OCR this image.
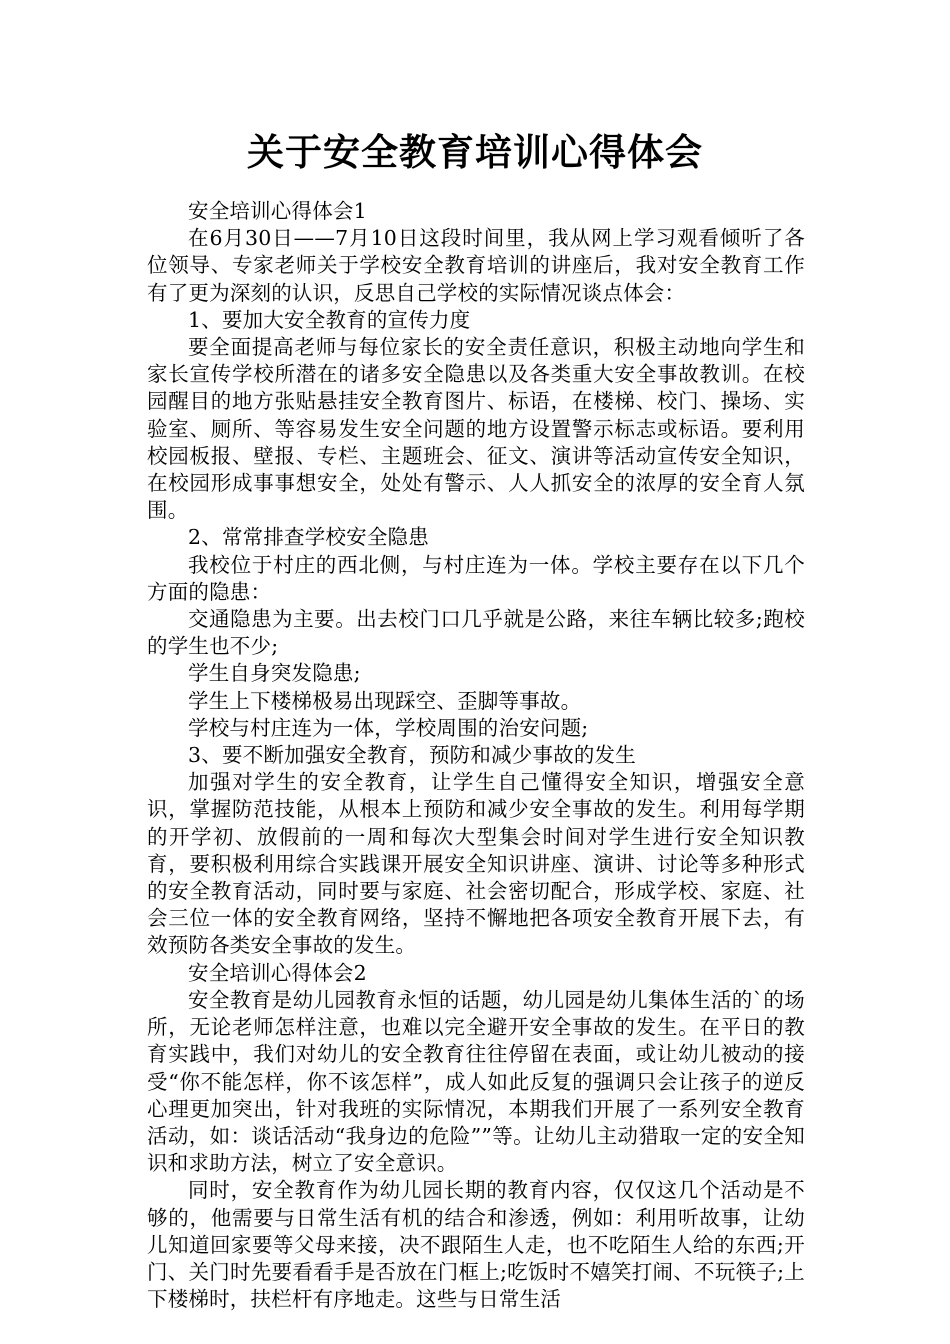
关于安全教育培训心得体会

安全培训心得体会1

在6月30日——7月10日这段时间里，我从网上学习观看倾听了各位领导、专家老师关于学校安全教育培训的讲座后，我对安全教育工作有了更为深刻的认识，反思自己学校的实际情况谈点体会：

1、要加大安全教育的宣传力度

要全面提高老师与每位家长的安全责任意识，积极主动地向学生和家长宣传学校所潜在的诸多安全隐患以及各类重大安全事故教训。在校园醒目的地方张贴悬挂安全教育图片、标语，在楼梯、校门、操场、实验室、厕所、等容易发生安全问题的地方设置警示标志或标语。要利用校园板报、壁报、专栏、主题班会、征文、演讲等活动宣传安全知识，在校园形成事事想安全，处处有警示、人人抓安全的浓厚的安全育人氛围。

2、常常排查学校安全隐患

我校位于村庄的西北侧，与村庄连为一体。学校主要存在以下几个方面的隐患：

交通隐患为主要。出去校门口几乎就是公路，来往车辆比较多;跑校的学生也不少;

学生自身突发隐患;

学生上下楼梯极易出现踩空、歪脚等事故。

学校与村庄连为一体，学校周围的治安问题;

3、要不断加强安全教育，预防和减少事故的发生

加强对学生的安全教育，让学生自己懂得安全知识，增强安全意识，掌握防范技能，从根本上预防和减少安全事故的发生。利用每学期的开学初、放假前的一周和每次大型集会时间对学生进行安全知识教育，要积极利用综合实践课开展安全知识讲座、演讲、讨论等多种形式的安全教育活动，同时要与家庭、社会密切配合，形成学校、家庭、社会三位一体的安全教育网络，坚持不懈地把各项安全教育开展下去，有效预防各类安全事故的发生。

安全培训心得体会2

安全教育是幼儿园教育永恒的话题，幼儿园是幼儿集体生活的`的场所，无论老师怎样注意，也难以完全避开安全事故的发生。在平日的教育实践中，我们对幼儿的安全教育往往停留在表面，或让幼儿被动的接受“你不能怎样，你不该怎样”，成人如此反复的强调只会让孩子的逆反心理更加突出，针对我班的实际情况，本期我们开展了一系列安全教育活动，如：谈话活动“我身边的危险””等。让幼儿主动猎取一定的安全知识和求助方法，树立了安全意识。

同时，安全教育作为幼儿园长期的教育内容，仅仅这几个活动是不够的，他需要与日常生活有机的结合和渗透，例如：利用听故事，让幼儿知道回家要等父母来接，决不跟陌生人走，也不吃陌生人给的东西;开门、关门时先要看看手是否放在门框上;吃饭时不嬉笑打闹、不玩筷子;上下楼梯时，扶栏杆有序地走。这些与日常生活
